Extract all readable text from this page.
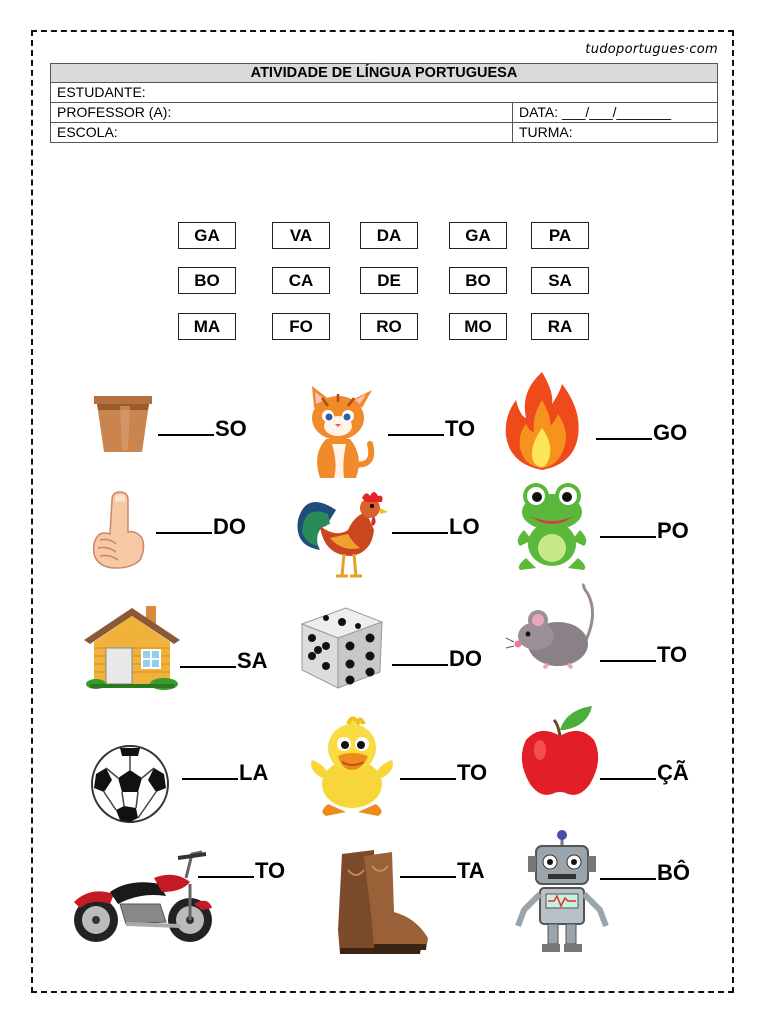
tudoportugues·com
ATIVIDADE DE LÍNGUA PORTUGUESA
ESTUDANTE:
PROFESSOR (A):	DATA: ___/___/_______
ESCOLA:	TURMA:
GA	VA	DA	GA	PA
BO	CA	DE	BO	SA
MA	FO	RO	MO	RA
SO	TO	GO
DO	LO	PO
SA	DO	TO
LA	TO	ÇÃ
TO	TA	BÔ
